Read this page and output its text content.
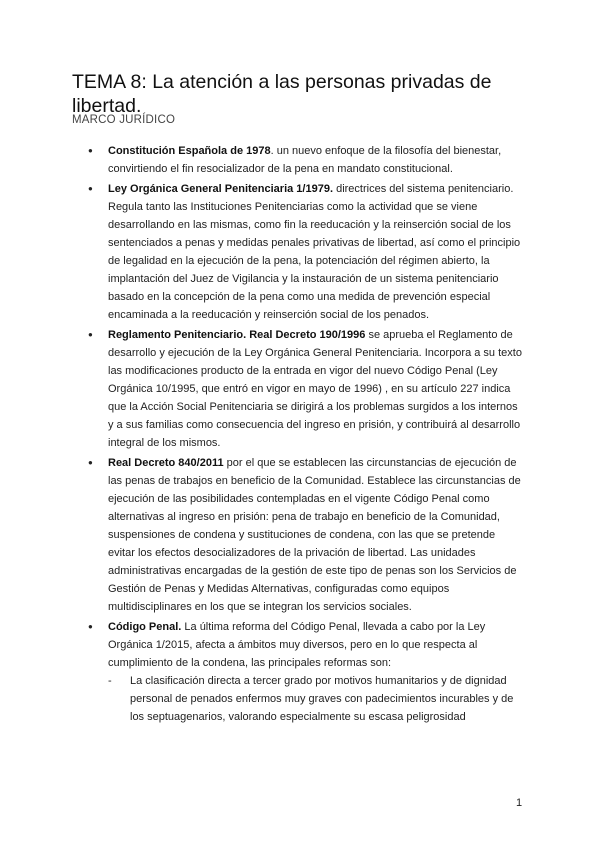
TEMA 8: La atención a las personas privadas de libertad.
MARCO JURÍDICO
● Constitución Española de 1978. un nuevo enfoque de la filosofía del bienestar, convirtiendo el fin resocializador de la pena en mandato constitucional.
● Ley Orgánica General Penitenciaria 1/1979. directrices del sistema penitenciario. Regula tanto las Instituciones Penitenciarias como la actividad que se viene desarrollando en las mismas, como fin la reeducación y la reinserción social de los sentenciados a penas y medidas penales privativas de libertad, así como el principio de legalidad en la ejecución de la pena, la potenciación del régimen abierto, la implantación del Juez de Vigilancia y la instauración de un sistema penitenciario basado en la concepción de la pena como una medida de prevención especial encaminada a la reeducación y reinserción social de los penados.
● Reglamento Penitenciario. Real Decreto 190/1996 se aprueba el Reglamento de desarrollo y ejecución de la Ley Orgánica General Penitenciaria. Incorpora a su texto las modificaciones producto de la entrada en vigor del nuevo Código Penal (Ley Orgánica 10/1995, que entró en vigor en mayo de 1996) , en su artículo 227 indica que la Acción Social Penitenciaria se dirigirá a los problemas surgidos a los internos y a sus familias como consecuencia del ingreso en prisión, y contribuirá al desarrollo integral de los mismos.
● Real Decreto 840/2011 por el que se establecen las circunstancias de ejecución de las penas de trabajos en beneficio de la Comunidad. Establece las circunstancias de ejecución de las posibilidades contempladas en el vigente Código Penal como alternativas al ingreso en prisión: pena de trabajo en beneficio de la Comunidad, suspensiones de condena y sustituciones de condena, con las que se pretende evitar los efectos desocializadores de la privación de libertad. Las unidades administrativas encargadas de la gestión de este tipo de penas son los Servicios de Gestión de Penas y Medidas Alternativas, configuradas como equipos multidisciplinares en los que se integran los servicios sociales.
● Código Penal. La última reforma del Código Penal, llevada a cabo por la Ley Orgánica 1/2015, afecta a ámbitos muy diversos, pero en lo que respecta al cumplimiento de la condena, las principales reformas son:
- La clasificación directa a tercer grado por motivos humanitarios y de dignidad personal de penados enfermos muy graves con padecimientos incurables y de los septuagenarios, valorando especialmente su escasa peligrosidad
1
